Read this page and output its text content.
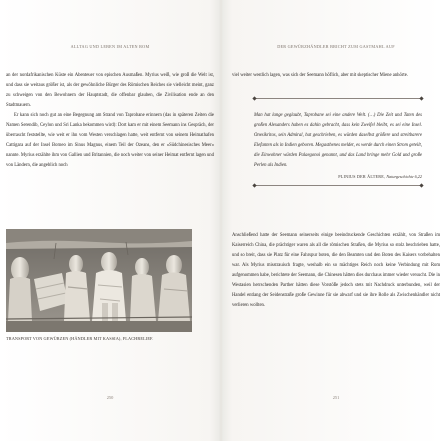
ALLTAG UND LEBEN IM ALTEN ROM

an der nordafrikanischen Küste ein Abenteuer von epischen Ausmaßen. Myrius weiß, wie groß die Welt ist, und dass sie weitaus größer ist, als der gewöhnliche Bürger des Römischen Reiches sie vielleicht meint, ganz zu schweigen von den Bewohnern der Hauptstadt, die offenbar glauben, die Zivilisation ende an den Stadtmauern.

Er kann sich noch gut an eine Begegnung am Strand von Taprobane erinnern (das in späteren Zeiten die Namen Serendib, Ceylon und Sri Lanka bekommen wird): Dort kam er mit einem Seemann ins Gespräch, der überrascht feststellte, wie weit er ihn vom Westen verschlagen hatte, weit entfernt von seinem Heimathafen Cattigara auf der Insel Borneo im Sinus Magnus, einem Teil der Ozeans, den er »Südchinesisches Meer« nannte. Myrius erzählte ihm von Gallien und Britannien, die noch weiter von seiner Heimat entfernt lagen und von Ländern, die angeblich noch

TRANSPORT VON GEWÜRZEN (HÄNDLER MIT KASSIA), FLACHRELIEF.
250
DER GEWÜRZHÄNDLER BRICHT ZUM GASTMAHL AUF

viel weiter westlich lagen, was sich der Seemann höflich, aber mit skeptischer Miene anhörte.

Man hat lange geglaubt, Taprobane sei eine andere Welt. (…) Die Zeit und Taten des großen Alexanders haben es dahin gebracht, dass kein Zweifel bleibt, es sei eine Insel. Onesikritos, sein Admiral, hat geschrieben, es würden daselbst größere und streitbarere Elefanten als in Indien geboren. Megasthenes meldet, es werde durch einen Strom geteilt, die Einwohner würden Palaegonoi genannt, und das Land bringe mehr Gold und große Perlen als Indien.
PLINIUS DER ÄLTERE, Naturgeschichte 6,22

Anschließend hatte der Seemann seinerseits einige beeindruckende Geschichten erzählt, von Straßen im Kaiserreich China, die prächtiger waren als all die römischen Straßen, die Myrius so stolz beschrieben hatte, und so breit, dass sie Platz für eine Fahrspur boten, die den Beamten und den Boten des Kaisers vorbehalten war. Als Myrius misstrauisch fragte, weshalb ein so mächtiges Reich noch keine Verbindung mit Rom aufgenommen habe, berichtete der Seemann, die Chinesen hätten dies durchaus immer wieder versucht. Die in Westasien herrschenden Parther hätten diese Vorstöße jedoch stets mit Nachdruck unterbunden, weil der Handel entlang der Seidenstraße große Gewinne für sie abwarf und sie ihre Rolle als Zwischenhändler nicht verlieren wollten.

251
